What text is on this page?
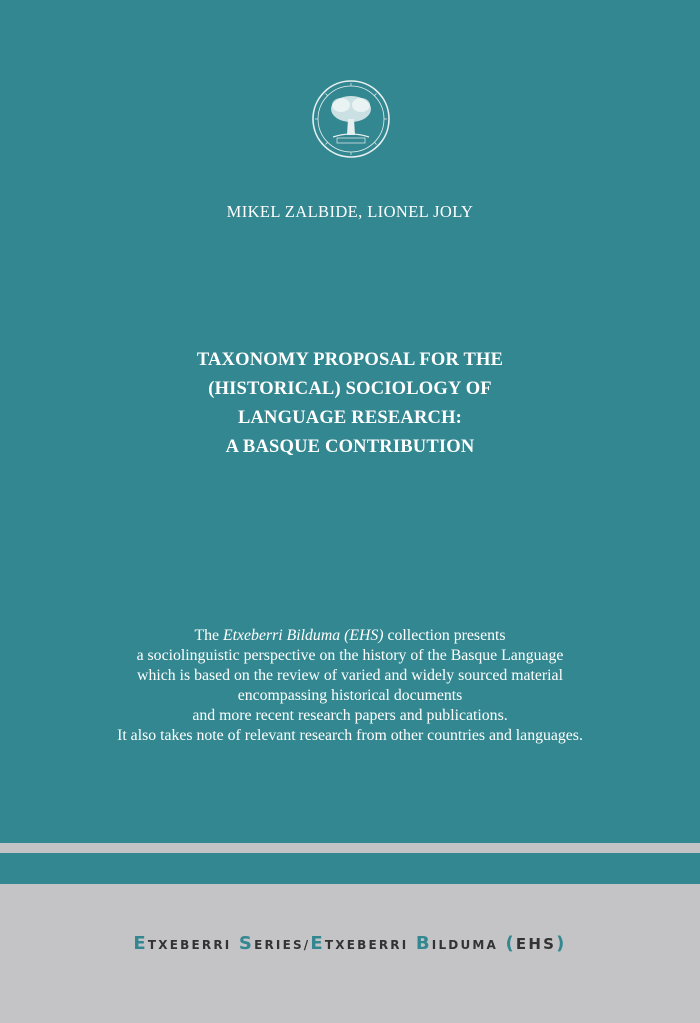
MIKEL ZALBIDE, LIONEL JOLY
TAXONOMY PROPOSAL FOR THE
(HISTORICAL) SOCIOLOGY OF
LANGUAGE RESEARCH:
A BASQUE CONTRIBUTION
The Etxeberri Bilduma (EHS) collection presents
a sociolinguistic perspective on the history of the Basque Language
which is based on the review of varied and widely sourced material
encompassing historical documents
and more recent research papers and publications.
It also takes note of relevant research from other countries and languages.
ETXEBERRI SERIES/ETXEBERRI BILDUMA (EHS)
